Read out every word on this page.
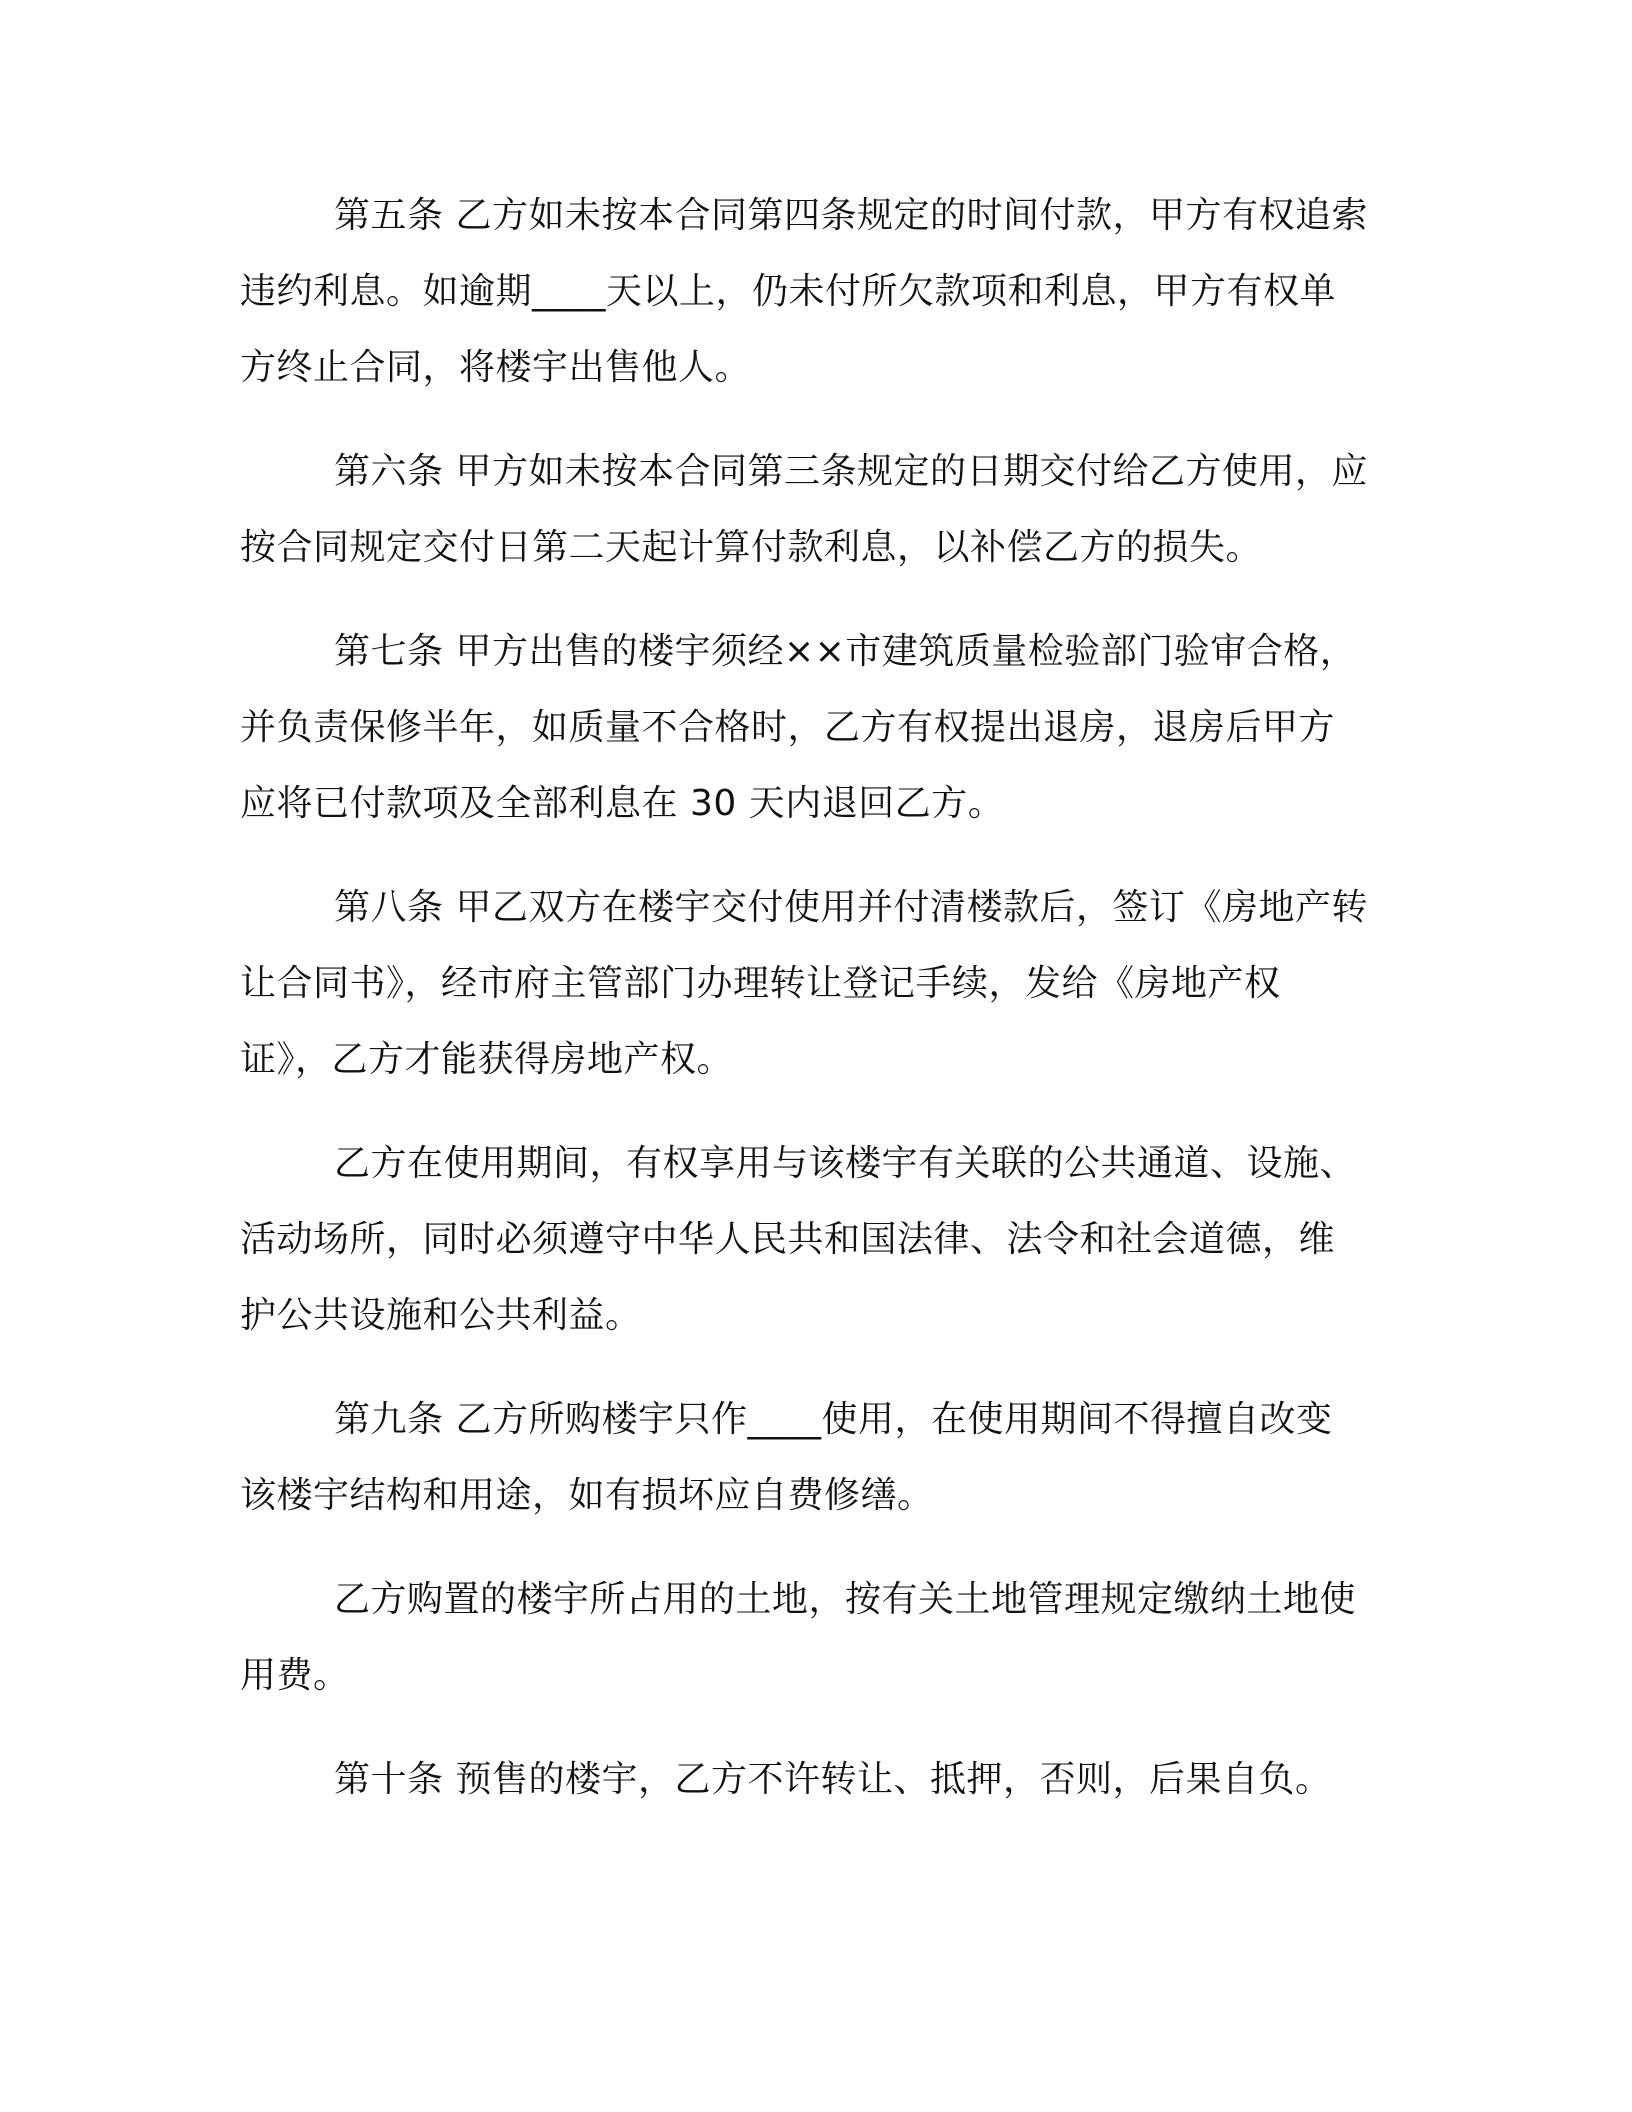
第五条 乙方如未按本合同第四条规定的时间付款，甲方有权追索

违约利息。如逾期____天以上，仍未付所欠款项和利息，甲方有权单

方终止合同，将楼宇出售他人。

第六条 甲方如未按本合同第三条规定的日期交付给乙方使用，应

按合同规定交付日第二天起计算付款利息，以补偿乙方的损失。

第七条 甲方出售的楼宇须经××市建筑质量检验部门验审合格，

并负责保修半年，如质量不合格时，乙方有权提出退房，退房后甲方

应将已付款项及全部利息在 30 天内退回乙方。

第八条 甲乙双方在楼宇交付使用并付清楼款后，签订《房地产转

让合同书》，经市府主管部门办理转让登记手续，发给《房地产权

证》，乙方才能获得房地产权。

乙方在使用期间，有权享用与该楼宇有关联的公共通道、设施、

活动场所，同时必须遵守中华人民共和国法律、法令和社会道德，维

护公共设施和公共利益。

第九条 乙方所购楼宇只作____使用，在使用期间不得擅自改变

该楼宇结构和用途，如有损坏应自费修缮。

乙方购置的楼宇所占用的土地，按有关土地管理规定缴纳土地使

用费。

第十条 预售的楼宇，乙方不许转让、抵押，否则，后果自负。
